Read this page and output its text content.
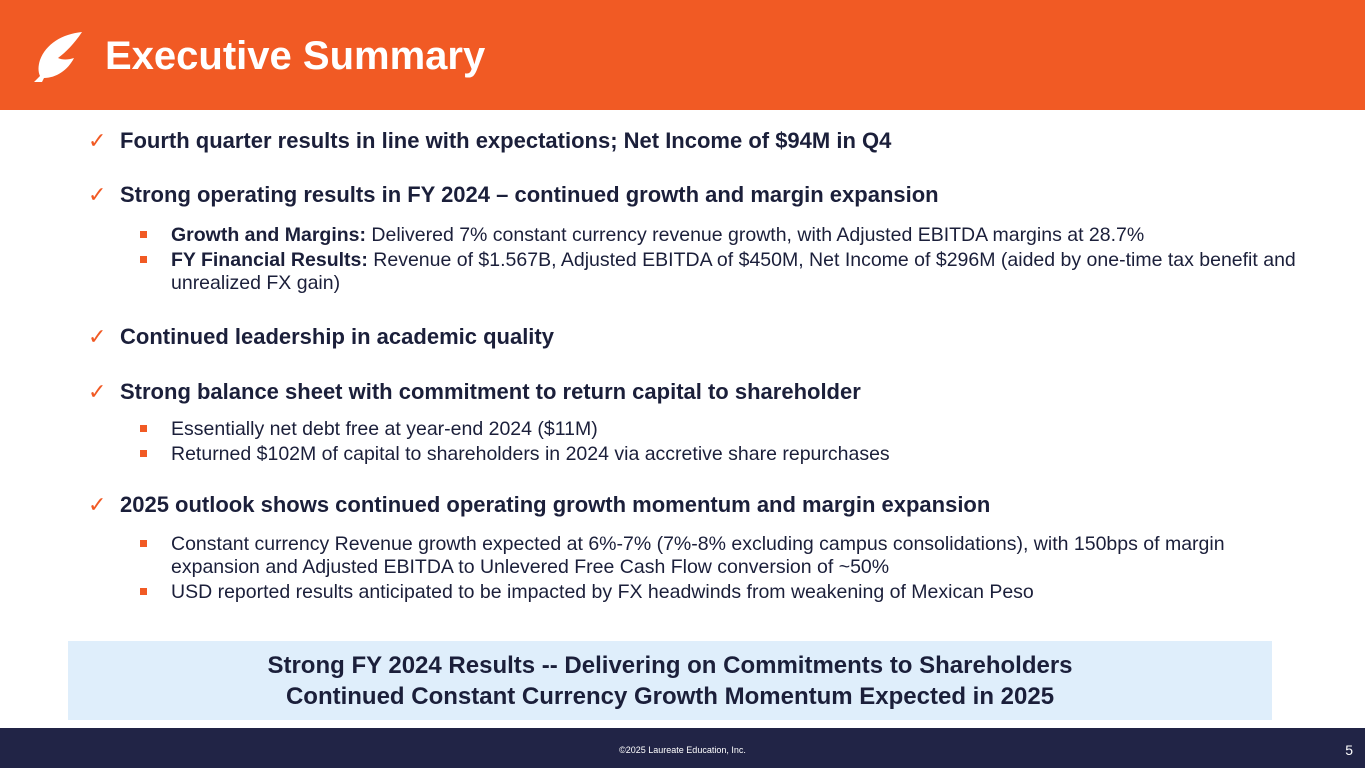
Executive Summary
✓ Fourth quarter results in line with expectations; Net Income of $94M in Q4
✓ Strong operating results in FY 2024 – continued growth and margin expansion
Growth and Margins: Delivered 7% constant currency revenue growth, with Adjusted EBITDA margins at 28.7%
FY Financial Results: Revenue of $1.567B, Adjusted EBITDA of $450M, Net Income of $296M (aided by one-time tax benefit and unrealized FX gain)
✓ Continued leadership in academic quality
✓ Strong balance sheet with commitment to return capital to shareholder
Essentially net debt free at year-end 2024 ($11M)
Returned $102M of capital to shareholders in 2024 via accretive share repurchases
✓ 2025 outlook shows continued operating growth momentum and margin expansion
Constant currency Revenue growth expected at 6%-7% (7%-8% excluding campus consolidations), with 150bps of margin expansion and Adjusted EBITDA to Unlevered Free Cash Flow conversion of ~50%
USD reported results anticipated to be impacted by FX headwinds from weakening of Mexican Peso
Strong FY 2024 Results -- Delivering on Commitments to Shareholders
Continued Constant Currency Growth Momentum Expected in 2025
©2025 Laureate Education, Inc.	5
